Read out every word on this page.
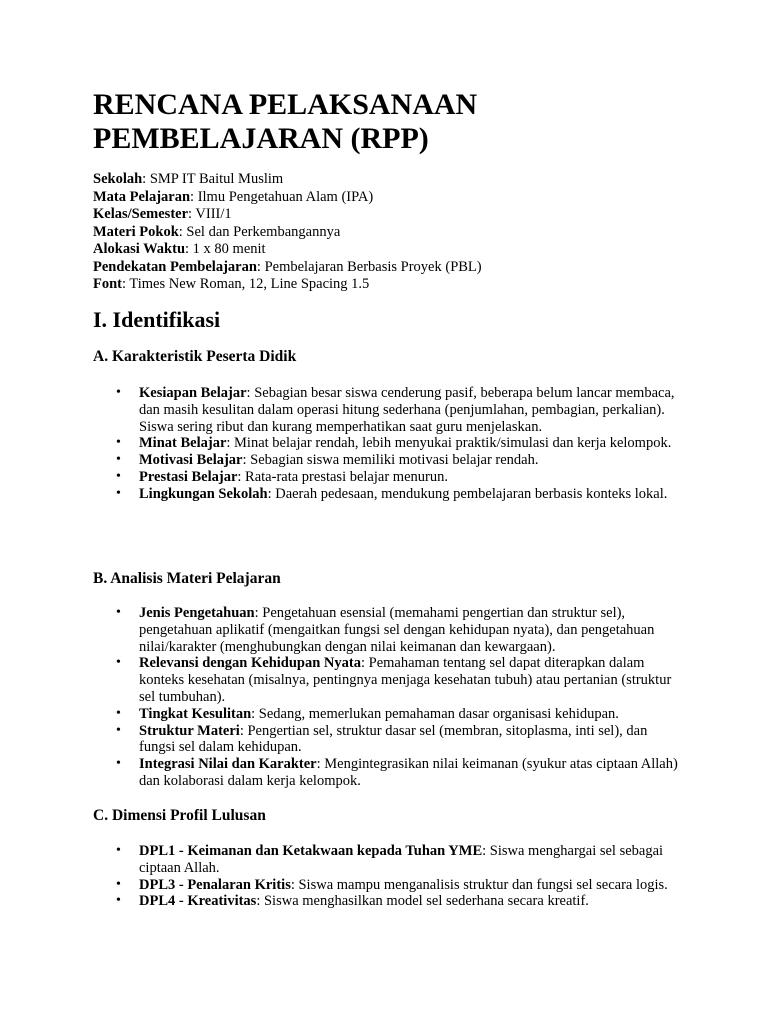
RENCANA PELAKSANAAN PEMBELAJARAN (RPP)
Sekolah: SMP IT Baitul Muslim
Mata Pelajaran: Ilmu Pengetahuan Alam (IPA)
Kelas/Semester: VIII/1
Materi Pokok: Sel dan Perkembangannya
Alokasi Waktu: 1 x 80 menit
Pendekatan Pembelajaran: Pembelajaran Berbasis Proyek (PBL)
Font: Times New Roman, 12, Line Spacing 1.5
I. Identifikasi
A. Karakteristik Peserta Didik
• Kesiapan Belajar: Sebagian besar siswa cenderung pasif, beberapa belum lancar membaca, dan masih kesulitan dalam operasi hitung sederhana (penjumlahan, pembagian, perkalian). Siswa sering ribut dan kurang memperhatikan saat guru menjelaskan.
• Minat Belajar: Minat belajar rendah, lebih menyukai praktik/simulasi dan kerja kelompok.
• Motivasi Belajar: Sebagian siswa memiliki motivasi belajar rendah.
• Prestasi Belajar: Rata-rata prestasi belajar menurun.
• Lingkungan Sekolah: Daerah pedesaan, mendukung pembelajaran berbasis konteks lokal.
B. Analisis Materi Pelajaran
• Jenis Pengetahuan: Pengetahuan esensial (memahami pengertian dan struktur sel), pengetahuan aplikatif (mengaitkan fungsi sel dengan kehidupan nyata), dan pengetahuan nilai/karakter (menghubungkan dengan nilai keimanan dan kewargaan).
• Relevansi dengan Kehidupan Nyata: Pemahaman tentang sel dapat diterapkan dalam konteks kesehatan (misalnya, pentingnya menjaga kesehatan tubuh) atau pertanian (struktur sel tumbuhan).
• Tingkat Kesulitan: Sedang, memerlukan pemahaman dasar organisasi kehidupan.
• Struktur Materi: Pengertian sel, struktur dasar sel (membran, sitoplasma, inti sel), dan fungsi sel dalam kehidupan.
• Integrasi Nilai dan Karakter: Mengintegrasikan nilai keimanan (syukur atas ciptaan Allah) dan kolaborasi dalam kerja kelompok.
C. Dimensi Profil Lulusan
• DPL1 - Keimanan dan Ketakwaan kepada Tuhan YME: Siswa menghargai sel sebagai ciptaan Allah.
• DPL3 - Penalaran Kritis: Siswa mampu menganalisis struktur dan fungsi sel secara logis.
• DPL4 - Kreativitas: Siswa menghasilkan model sel sederhana secara kreatif.
